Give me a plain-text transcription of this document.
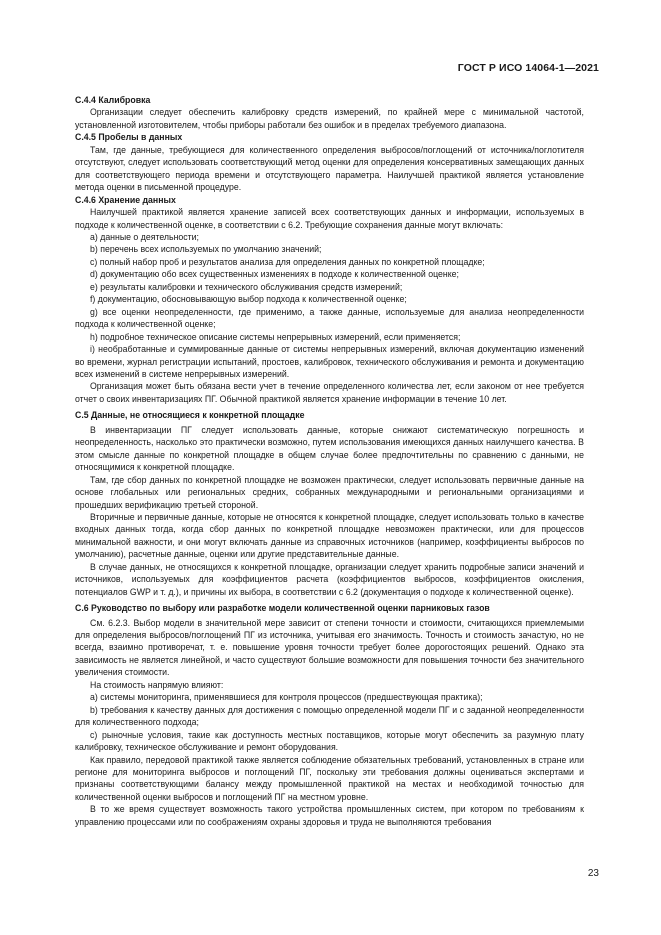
ГОСТ Р ИСО 14064-1—2021

C.4.4 Калибровка

Организации следует обеспечить калибровку средств измерений, по крайней мере с минимальной частотой, установленной изготовителем, чтобы приборы работали без ошибок и в пределах требуемого диапазона.

C.4.5 Пробелы в данных

Там, где данные, требующиеся для количественного определения выбросов/поглощений от источника/поглотителя отсутствуют, следует использовать соответствующий метод оценки для определения консервативных замещающих данных для соответствующего периода времени и отсутствующего параметра. Наилучшей практикой является установление метода оценки в письменной процедуре.

C.4.6 Хранение данных

Наилучшей практикой является хранение записей всех соответствующих данных и информации, используемых в подходе к количественной оценке, в соответствии с 6.2. Требующие сохранения данные могут включать:

a) данные о деятельности;

b) перечень всех используемых по умолчанию значений;

c) полный набор проб и результатов анализа для определения данных по конкретной площадке;

d) документацию обо всех существенных изменениях в подходе к количественной оценке;

e) результаты калибровки и технического обслуживания средств измерений;

f) документацию, обосновывающую выбор подхода к количественной оценке;

g) все оценки неопределенности, где применимо, а также данные, используемые для анализа неопределенности подхода к количественной оценке;

h) подробное техническое описание системы непрерывных измерений, если применяется;

i) необработанные и суммированные данные от системы непрерывных измерений, включая документацию изменений во времени, журнал регистрации испытаний, простоев, калибровок, технического обслуживания и ремонта и документацию всех изменений в системе непрерывных измерений.

Организация может быть обязана вести учет в течение определенного количества лет, если законом от нее требуется отчет о своих инвентаризациях ПГ. Обычной практикой является хранение информации в течение 10 лет.

C.5 Данные, не относящиеся к конкретной площадке

В инвентаризации ПГ следует использовать данные, которые снижают систематическую погрешность и неопределенность, насколько это практически возможно, путем использования имеющихся данных наилучшего качества. В этом смысле данные по конкретной площадке в общем случае более предпочтительны по сравнению с данными, не относящимися к конкретной площадке.

Там, где сбор данных по конкретной площадке не возможен практически, следует использовать первичные данные на основе глобальных или региональных средних, собранных международными и региональными организациями и прошедших верификацию третьей стороной.

Вторичные и первичные данные, которые не относятся к конкретной площадке, следует использовать только в качестве входных данных тогда, когда сбор данных по конкретной площадке невозможен практически, или для процессов минимальной важности, и они могут включать данные из справочных источников (например, коэффициенты выбросов по умолчанию), расчетные данные, оценки или другие представительные данные.

В случае данных, не относящихся к конкретной площадке, организации следует хранить подробные записи значений и источников, используемых для коэффициентов расчета (коэффициентов выбросов, коэффициентов окисления, потенциалов GWP и т. д.), и причины их выбора, в соответствии с 6.2 (документация о подходе к количественной оценке).

C.6 Руководство по выбору или разработке модели количественной оценки парниковых газов

См. 6.2.3. Выбор модели в значительной мере зависит от степени точности и стоимости, считающихся приемлемыми для определения выбросов/поглощений ПГ из источника, учитывая его значимость. Точность и стоимость зачастую, но не всегда, взаимно противоречат, т. е. повышение уровня точности требует более дорогостоящих решений. Однако эта зависимость не является линейной, и часто существуют большие возможности для повышения точности без значительного увеличения стоимости.

На стоимость напрямую влияют:

a) системы мониторинга, применявшиеся для контроля процессов (предшествующая практика);

b) требования к качеству данных для достижения с помощью определенной модели ПГ и с заданной неопределенности для количественного подхода;

c) рыночные условия, такие как доступность местных поставщиков, которые могут обеспечить за разумную плату калибровку, техническое обслуживание и ремонт оборудования.

Как правило, передовой практикой также является соблюдение обязательных требований, установленных в стране или регионе для мониторинга выбросов и поглощений ПГ, поскольку эти требования должны оцениваться экспертами и признаны соответствующими балансу между промышленной практикой на местах и необходимой точностью для количественной оценки выбросов и поглощений ПГ на местном уровне.

В то же время существует возможность такого устройства промышленных систем, при котором по требованиям к управлению процессами или по соображениям охраны здоровья и труда не выполняются требования

23
